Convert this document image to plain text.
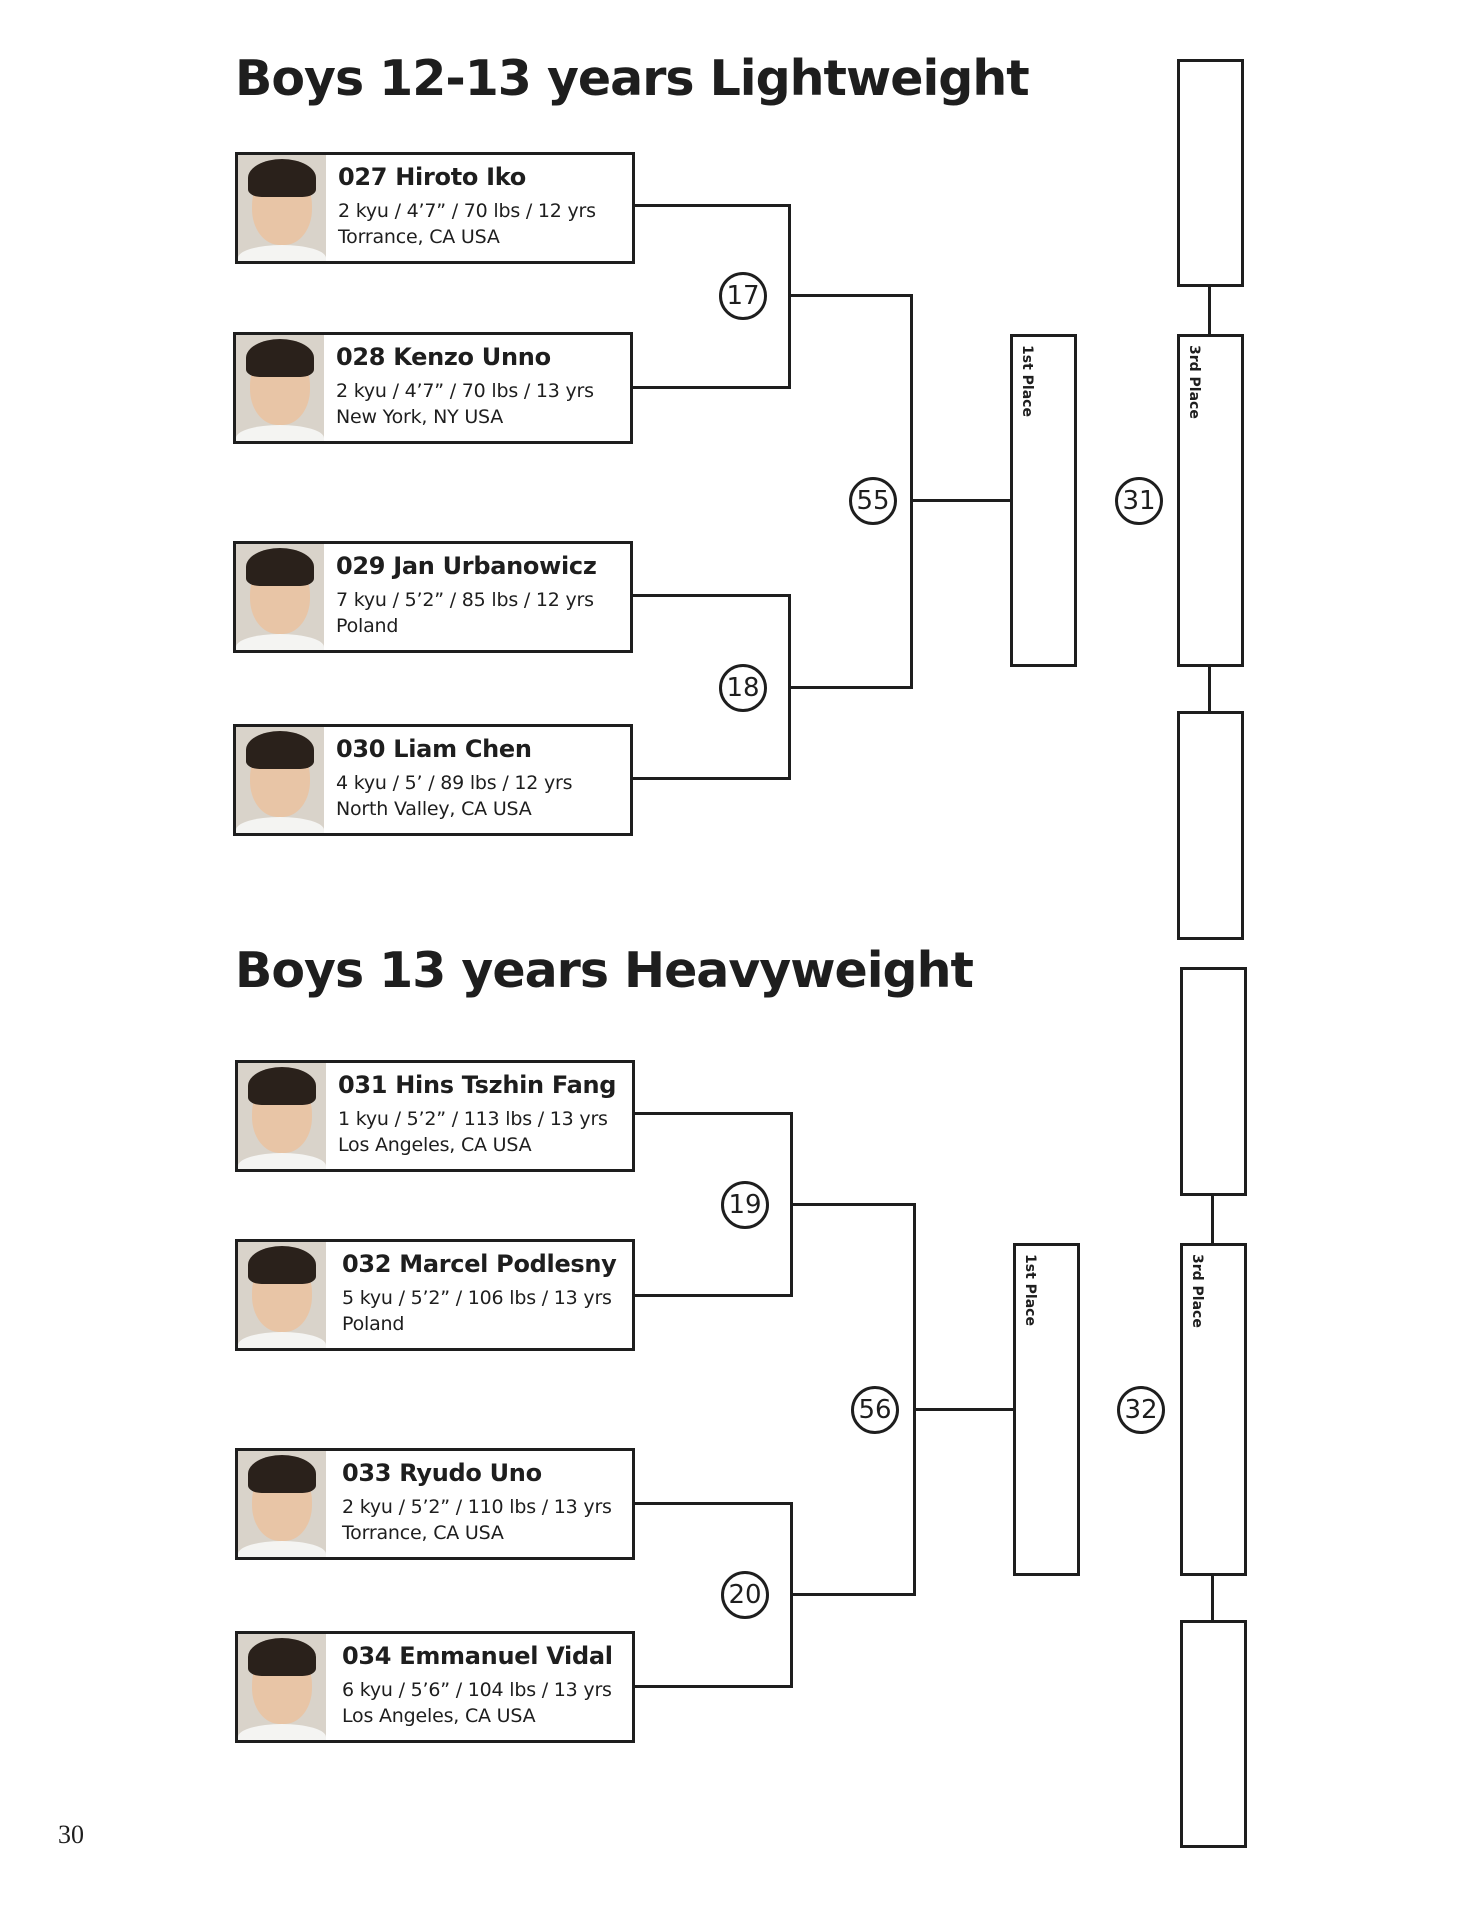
Boys 12-13 years Lightweight

027 Hiroto Iko

2 kyu / 4’7” / 70 lbs / 12 yrs

Torrance, CA USA

028 Kenzo Unno

2 kyu / 4’7” / 70 lbs / 13 yrs

New York, NY USA

029 Jan Urbanowicz

7 kyu / 5’2” / 85 lbs / 12 yrs

Poland

030 Liam Chen

4 kyu / 5’ / 89 lbs / 12 yrs

North Valley, CA USA

17
18
55	31
1st Place	3rd Place
Boys 13 years Heavyweight

031 Hins Tszhin Fang

1 kyu / 5’2” / 113 lbs / 13 yrs

Los Angeles, CA USA

032 Marcel Podlesny

5 kyu / 5’2” / 106 lbs / 13 yrs

Poland

033 Ryudo Uno

2 kyu / 5’2” / 110 lbs / 13 yrs

Torrance, CA USA

034 Emmanuel Vidal

6 kyu / 5’6” / 104 lbs / 13 yrs

Los Angeles, CA USA

19
20
56	32
1st Place	3rd Place

30
